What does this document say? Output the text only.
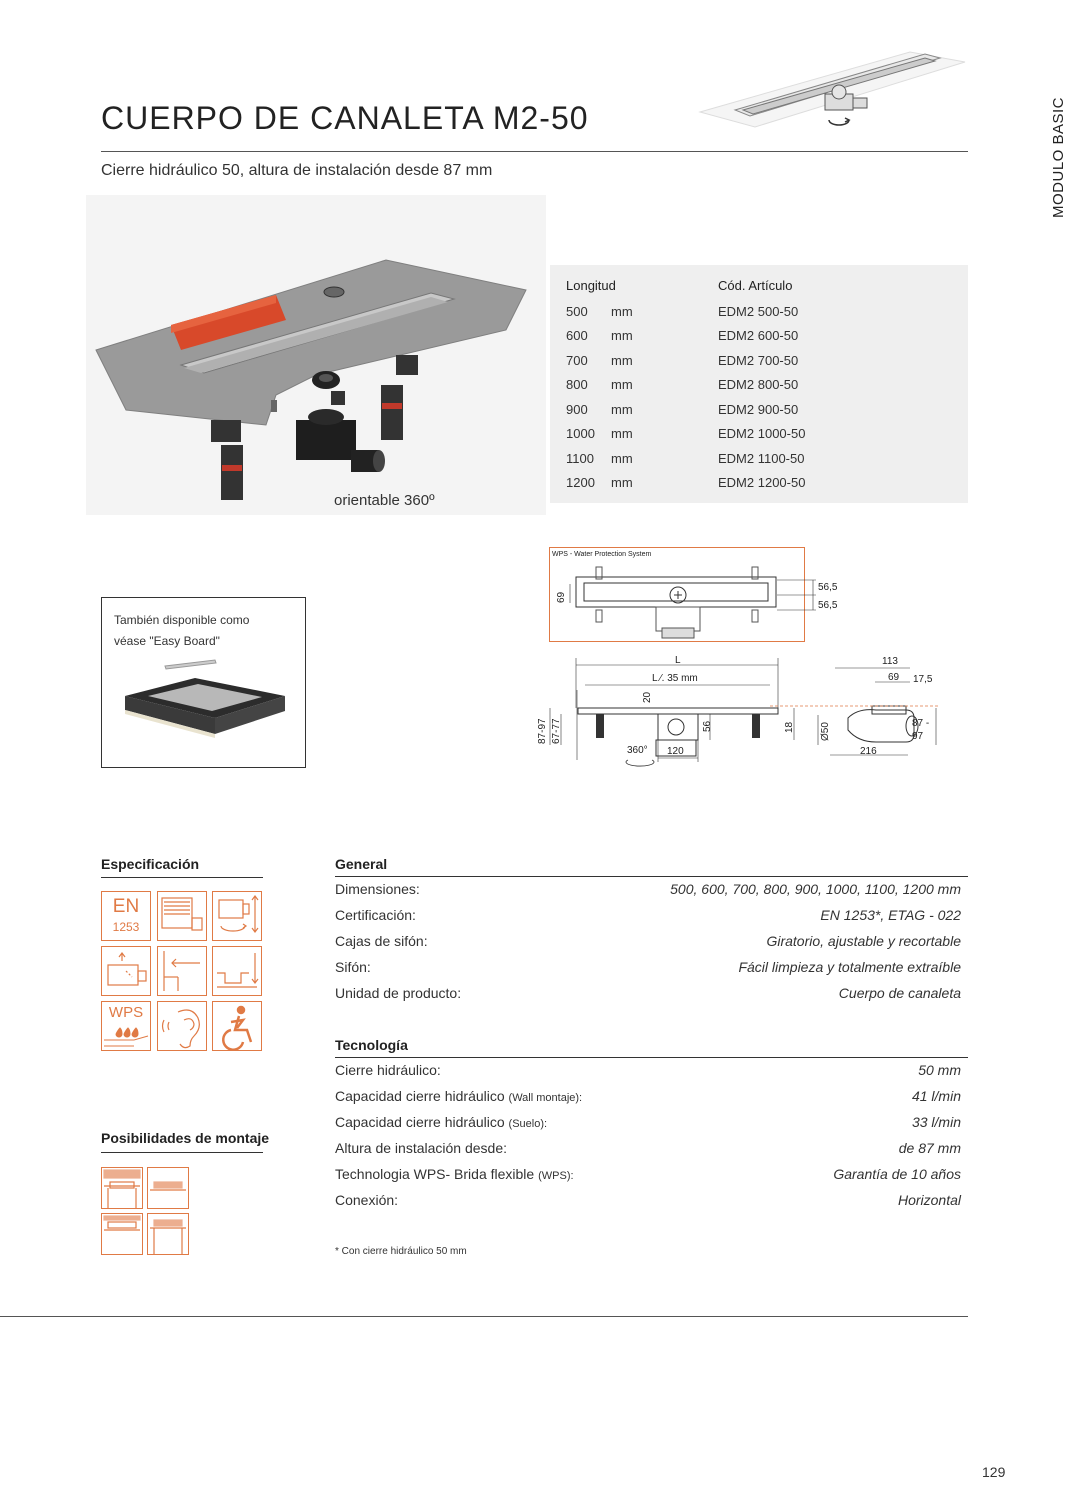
CUERPO DE CANALETA M2-50
Cierre hidráulico 50, altura de instalación desde 87 mm	MODULO BASIC
orientable 360º
Longitud	Cód. Artículo
500 mm	EDM2 500-50
600 mm	EDM2 600-50
700 mm	EDM2 700-50
800 mm	EDM2 800-50
900 mm	EDM2 900-50
1000 mm	EDM2 1000-50
1100 mm	EDM2 1100-50
1200 mm	EDM2 1200-50
También disponible como
véase "Easy Board"
WPS - Water Protection System
69
56,5
56,5
L
L ⁄. 35 mm
20
87-97 67-77	56	18
360° 120
113
69 17,5
Ø50	87 -
97
216
Especificación
EN
1253
WPS
Posibilidades de montaje
General
Dimensiones:	500, 600, 700, 800, 900, 1000, 1100, 1200 mm
Certificación:	EN 1253*, ETAG - 022
Cajas de sifón:	Giratorio, ajustable y recortable
Sifón:	Fácil limpieza y totalmente extraíble
Unidad de producto:	Cuerpo de canaleta
Tecnología
Cierre hidráulico:	50 mm
Capacidad cierre hidráulico (Wall montaje):	41 l/min
Capacidad cierre hidráulico (Suelo):	33 l/min
Altura de instalación desde:	de 87 mm
Technologia WPS- Brida flexible (WPS):	Garantía de 10 años
Conexión:	Horizontal
* Con cierre hidráulico 50 mm
129
